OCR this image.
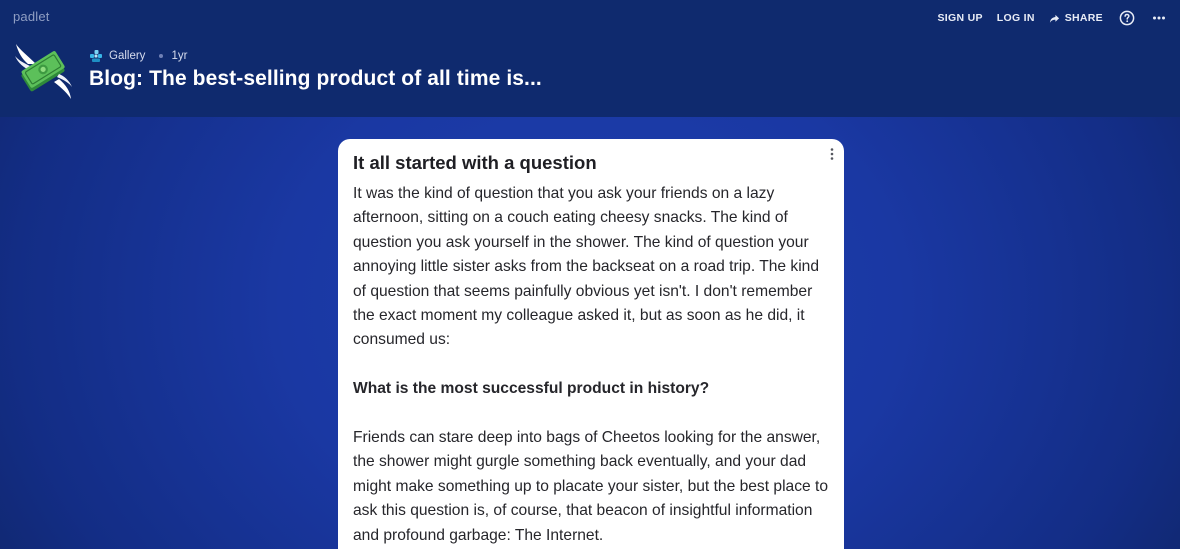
padlet	SIGN UP LOG IN	SHARE
Gallery 1yr
Blog: The best-selling product of all time is...
It all started with a question

It was the kind of question that you ask your friends on a lazy afternoon, sitting on a couch eating cheesy snacks. The kind of question you ask yourself in the shower. The kind of question your annoying little sister asks from the backseat on a road trip. The kind of question that seems painfully obvious yet isn't. I don't remember the exact moment my colleague asked it, but as soon as he did, it consumed us:

What is the most successful product in history?

Friends can stare deep into bags of Cheetos looking for the answer, the shower might gurgle something back eventually, and your dad might make something up to placate your sister, but the best place to ask this question is, of course, that beacon of insightful information and profound garbage: The Internet.
